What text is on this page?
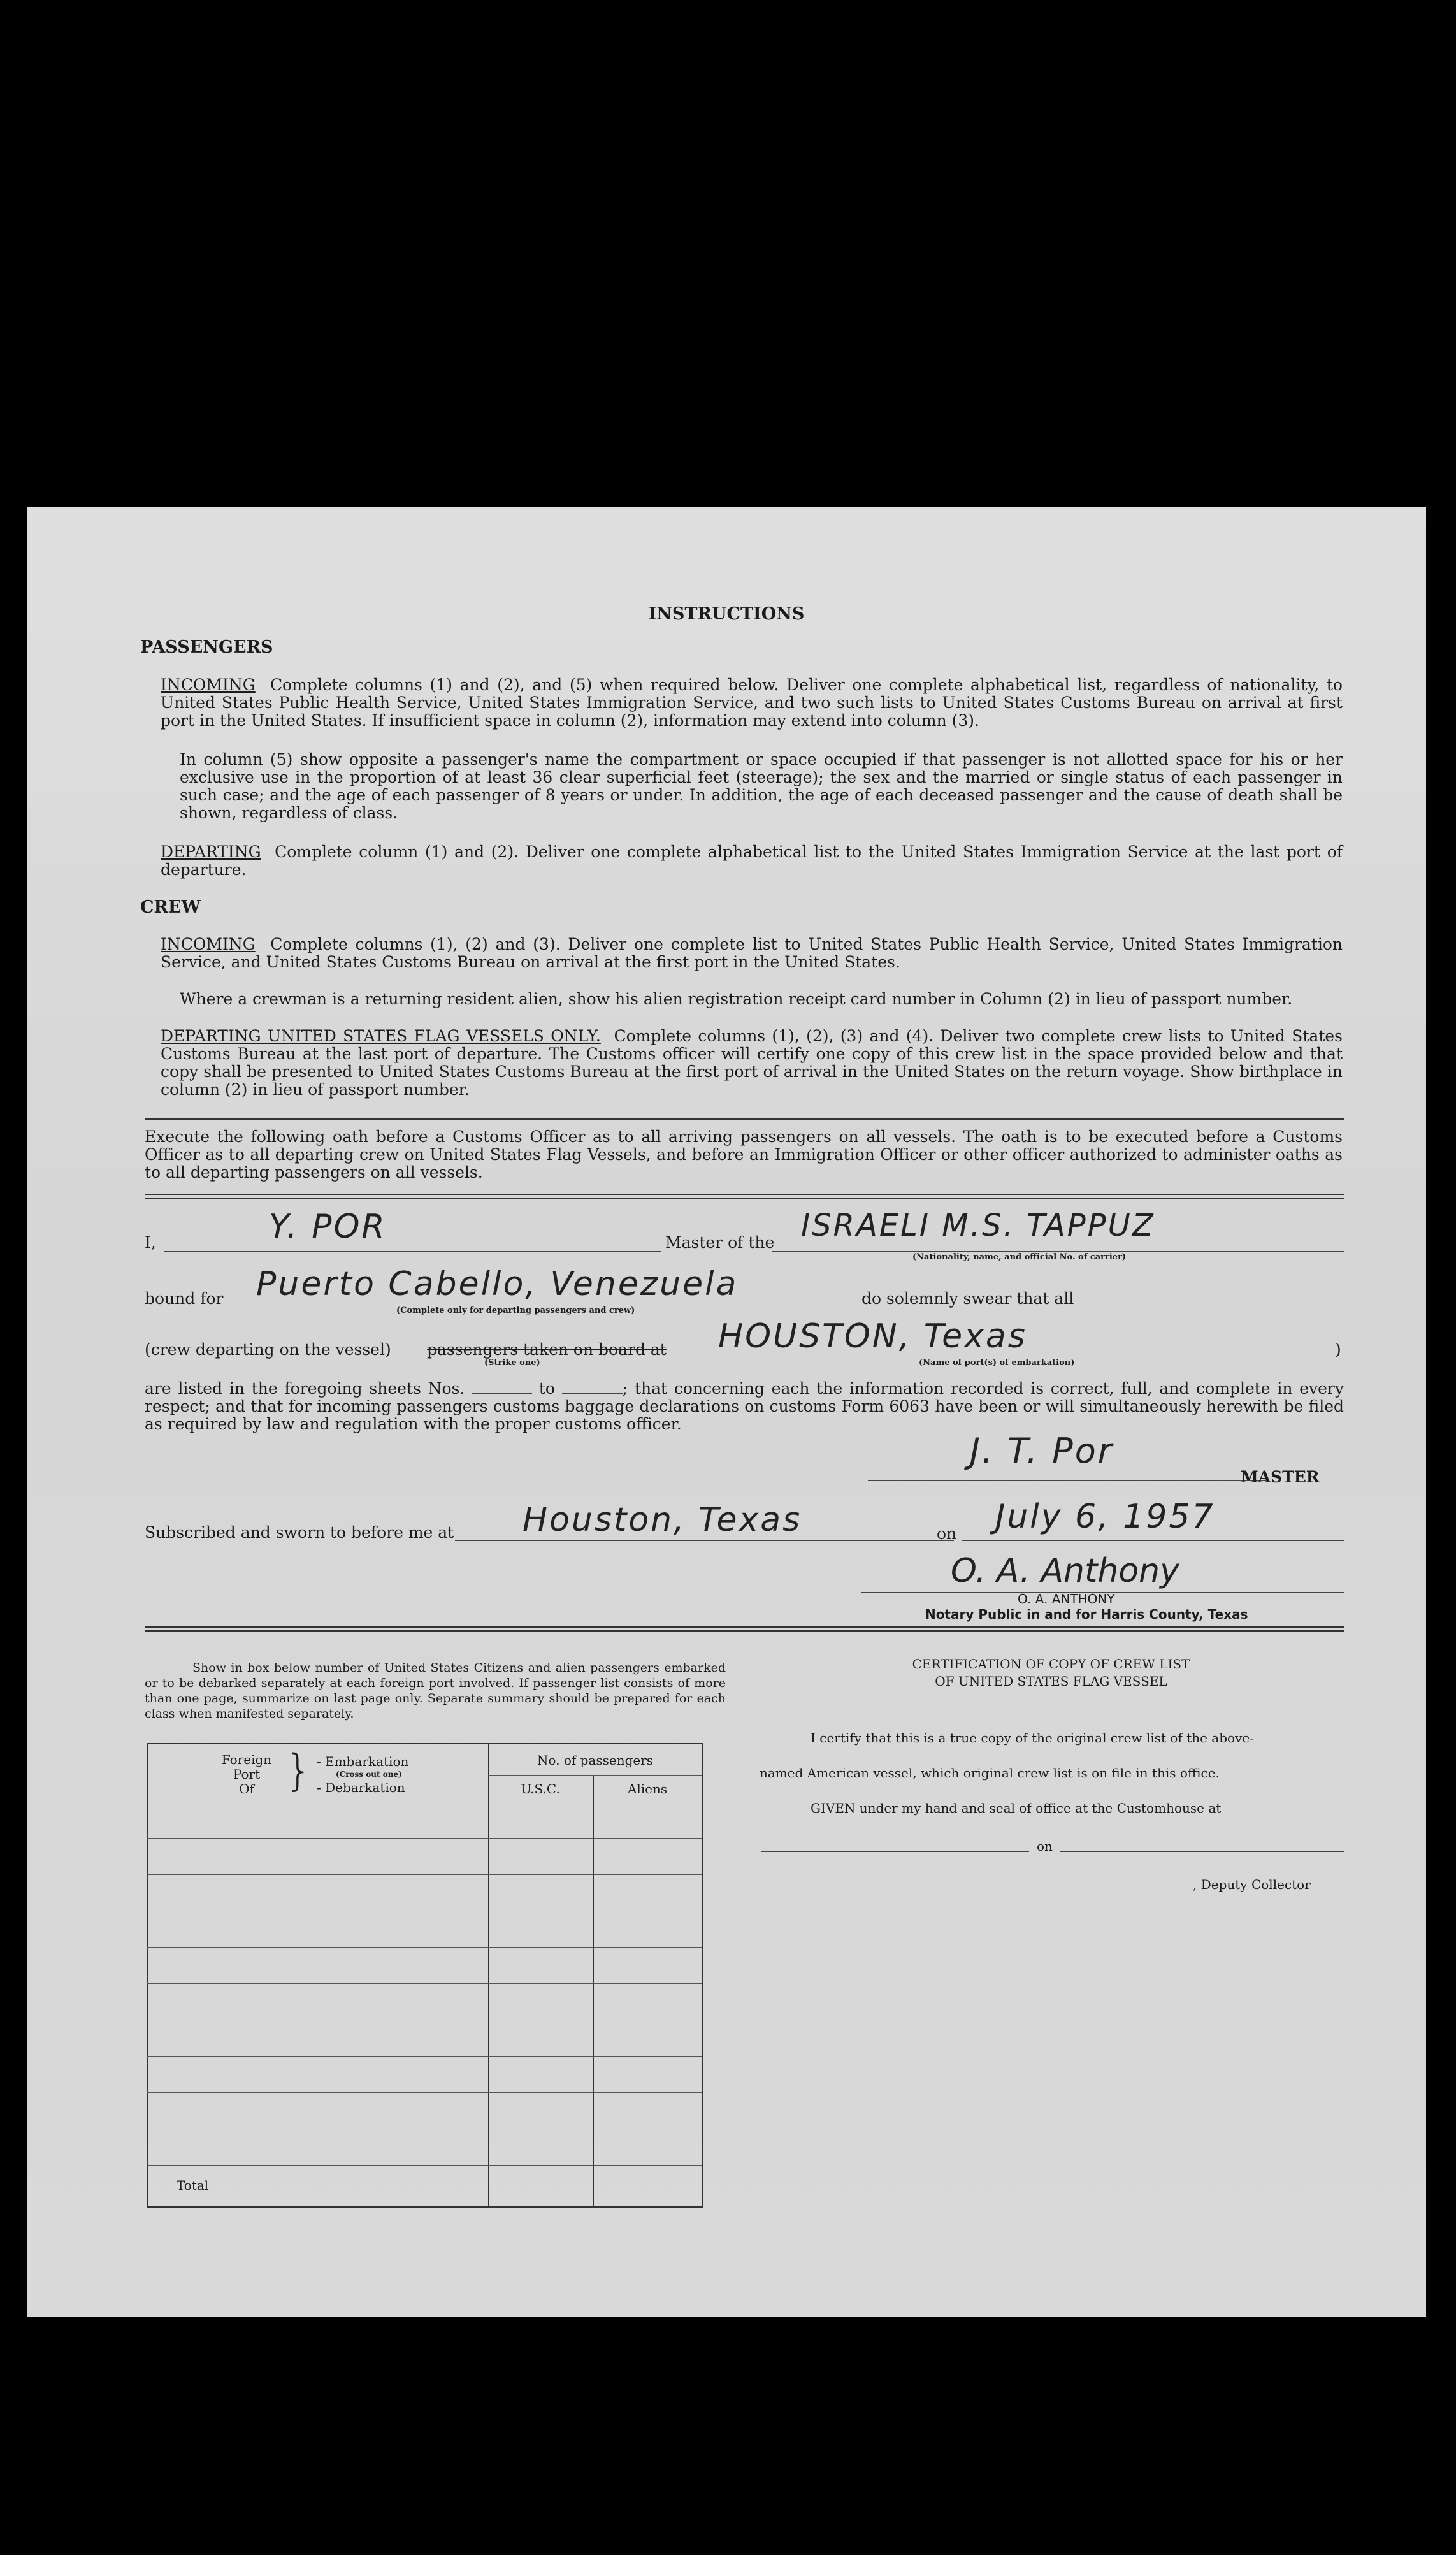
INSTRUCTIONS
PASSENGERS
INCOMING Complete columns (1) and (2), and (5) when required below. Deliver one complete alphabetical list, regardless of nationality, to United States Public Health Service, United States Immigration Service, and two such lists to United States Customs Bureau on arrival at first port in the United States. If insufficient space in column (2), information may extend into column (3).
In column (5) show opposite a passenger's name the compartment or space occupied if that passenger is not allotted space for his or her exclusive use in the proportion of at least 36 clear superficial feet (steerage); the sex and the married or single status of each passenger in such case; and the age of each passenger of 8 years or under. In addition, the age of each deceased passenger and the cause of death shall be shown, regardless of class.
DEPARTING Complete column (1) and (2). Deliver one complete alphabetical list to the United States Immigration Service at the last port of departure.
CREW
INCOMING Complete columns (1), (2) and (3). Deliver one complete list to United States Public Health Service, United States Immigration Service, and United States Customs Bureau on arrival at the first port in the United States.
Where a crewman is a returning resident alien, show his alien registration receipt card number in Column (2) in lieu of passport number.
DEPARTING UNITED STATES FLAG VESSELS ONLY. Complete columns (1), (2), (3) and (4). Deliver two complete crew lists to United States Customs Bureau at the last port of departure. The Customs officer will certify one copy of this crew list in the space provided below and that copy shall be presented to United States Customs Bureau at the first port of arrival in the United States on the return voyage. Show birthplace in column (2) in lieu of passport number.
Execute the following oath before a Customs Officer as to all arriving passengers on all vessels. The oath is to be executed before a Customs Officer as to all departing crew on United States Flag Vessels, and before an Immigration Officer or other officer authorized to administer oaths as to all departing passengers on all vessels.
I,	Y. POR	Master of the ISRAELI M.S. TAPPUZ
(Nationality, name, and official No. of carrier)
bound for Puerto Cabello, Venezuela
(Complete only for departing passengers and crew)
do solemnly swear that all
(crew departing on the vessel) passengers taken on board at
(Strike one)
HOUSTON, Texas
(Name of port(s) of embarkation)
)
are listed in the foregoing sheets Nos.	to	; that concerning each the information recorded is correct, full, and complete in every respect; and that for incoming passengers customs baggage declarations on customs Form 6063 have been or will simultaneously herewith be filed as required by law and regulation with the proper customs officer.
J. T. Por
MASTER
Subscribed and sworn to before me at Houston, Texas	on July 6, 1957
O. A. Anthony
O. A. ANTHONY
Notary Public in and for Harris County, Texas
Show in box below number of United States Citizens and alien passengers embarked or to be debarked separately at each foreign port involved. If passenger list consists of more than one page, summarize on last page only. Separate summary should be prepared for each class when manifested separately.
Foreign
Port
Of } - Embarkation
(Cross out one)
- Debarkation
No. of passengers
U.S.C.	Aliens
Total
CERTIFICATION OF COPY OF CREW LIST
OF UNITED STATES FLAG VESSEL
I certify that this is a true copy of the original crew list of the above-
named American vessel, which original crew list is on file in this office.
GIVEN under my hand and seal of office at the Customhouse at
on
, Deputy Collector
